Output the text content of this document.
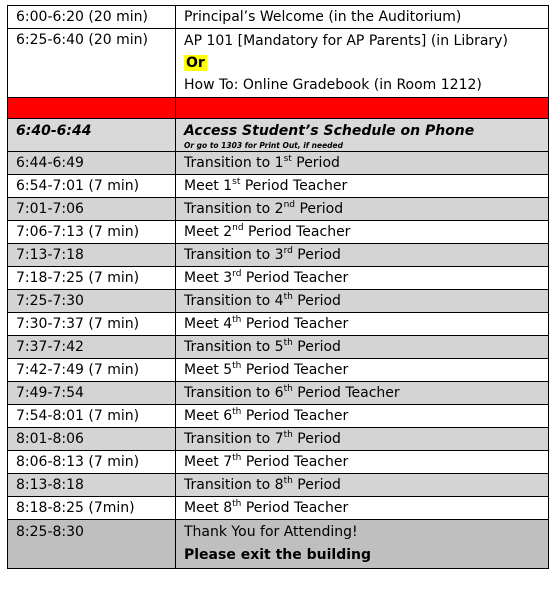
6:00-6:20 (20 min)	Principal’s Welcome (in the Auditorium)
6:25-6:40 (20 min)	AP 101 [Mandatory for AP Parents] (in Library)
Or
How To: Online Gradebook (in Room 1212)

6:40-6:44	Access Student’s Schedule on Phone
Or go to 1303 for Print Out, if needed

6:44-6:49	Transition to 1st Period
6:54-7:01 (7 min)	Meet 1st Period Teacher
7:01-7:06	Transition to 2nd Period
7:06-7:13 (7 min)	Meet 2nd Period Teacher
7:13-7:18	Transition to 3rd Period
7:18-7:25 (7 min)	Meet 3rd Period Teacher
7:25-7:30	Transition to 4th Period
7:30-7:37 (7 min)	Meet 4th Period Teacher
7:37-7:42	Transition to 5th Period
7:42-7:49 (7 min)	Meet 5th Period Teacher
7:49-7:54	Transition to 6th Period Teacher
7:54-8:01 (7 min)	Meet 6th Period Teacher
8:01-8:06	Transition to 7th Period
8:06-8:13 (7 min)	Meet 7th Period Teacher
8:13-8:18	Transition to 8th Period
8:18-8:25 (7min)	Meet 8th Period Teacher
8:25-8:30	Thank You for Attending!
Please exit the building
